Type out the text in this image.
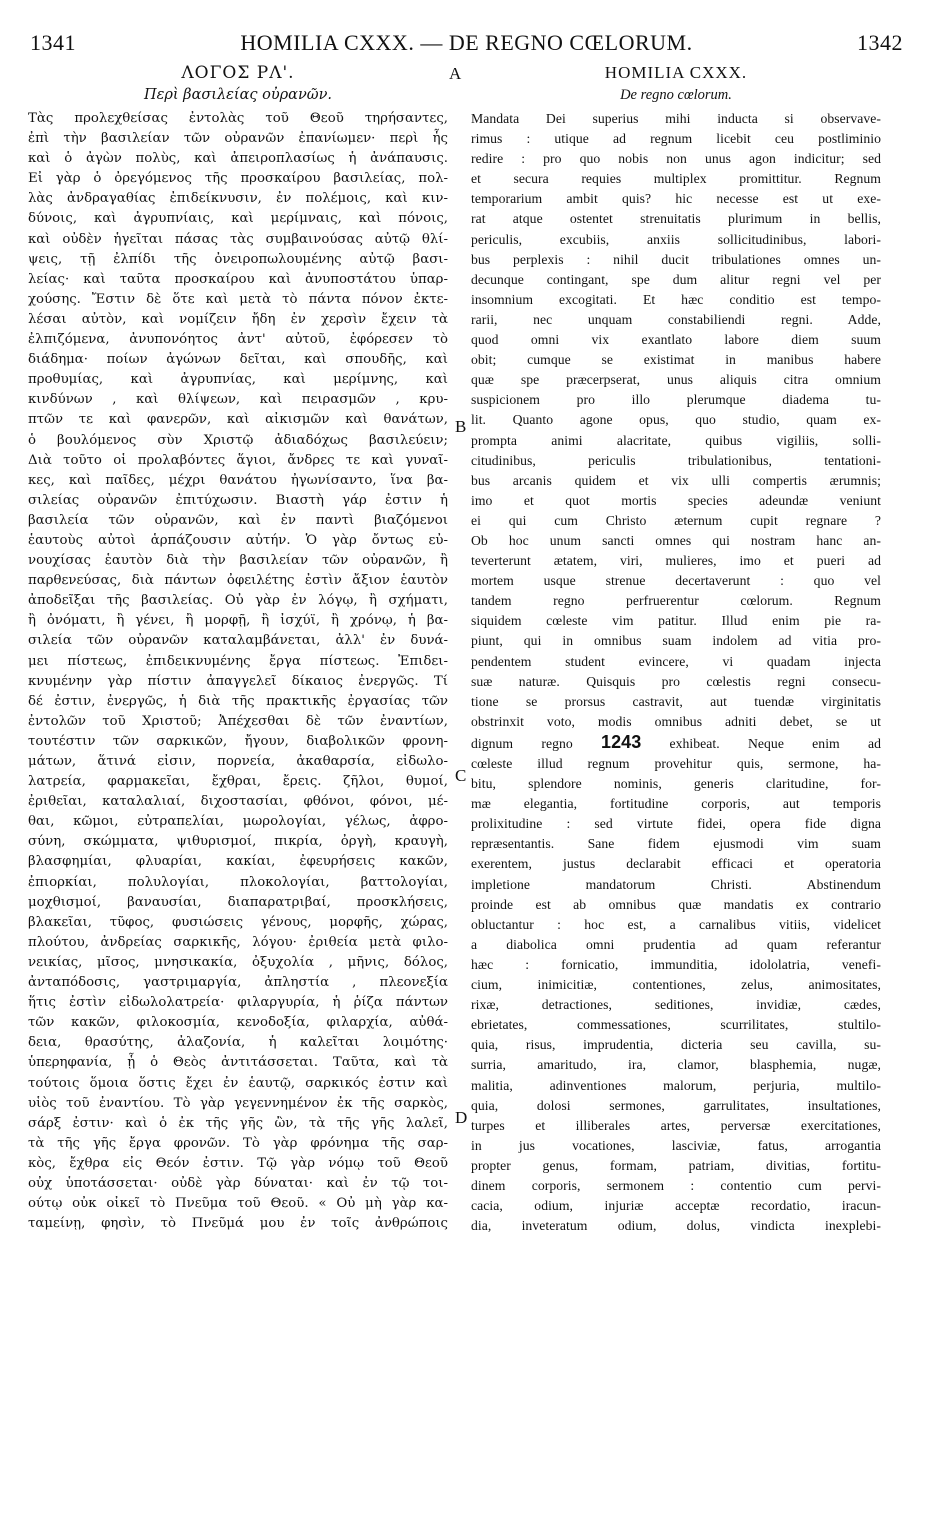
1341	HOMILIA CXXX. — DE REGNO CŒLORUM.	1342
A
B
C
D
ΛΟΓΟΣ ΡΛ'.
Περὶ βασιλείας οὐρανῶν.
Τὰς προλεχθείσας ἐντολὰς τοῦ Θεοῦ τηρήσαντες,
ἐπὶ τὴν βασιλείαν τῶν οὐρανῶν ἐπανίωμεν· περὶ ἧς
καὶ ὁ ἀγὼν πολὺς, καὶ ἀπειροπλασίως ἡ ἀνάπαυσις.
Εἰ γὰρ ὁ ὀρεγόμενος τῆς προσκαίρου βασιλείας, πολ-
λὰς ἀνδραγαθίας ἐπιδείκνυσιν, ἐν πολέμοις, καὶ κιν-
δύνοις, καὶ ἀγρυπνίαις, καὶ μερίμναις, καὶ πόνοις,
καὶ οὐδὲν ἡγεῖται πάσας τὰς συμβαινούσας αὐτῷ θλί-
ψεις, τῇ ἐλπίδι τῆς ὀνειροπωλουμένης αὐτῷ βασι-
λείας· καὶ ταῦτα προσκαίρου καὶ ἀνυποστάτου ὑπαρ-
χούσης. Ἔστιν δὲ ὅτε καὶ μετὰ τὸ πάντα πόνον ἐκτε-
λέσαι αὐτὸν, καὶ νομίζειν ἤδη ἐν χερσὶν ἔχειν τὰ
ἐλπιζόμενα, ἀνυπονόητος ἀντ' αὐτοῦ, ἐφόρεσεν τὸ
διάδημα· ποίων ἀγώνων δεῖται, καὶ σπουδῆς, καὶ
προθυμίας, καὶ ἀγρυπνίας, καὶ μερίμνης, καὶ
κινδύνων , καὶ θλίψεων, καὶ πειρασμῶν , κρυ-
πτῶν τε καὶ φανερῶν, καὶ αἰκισμῶν καὶ θανάτων,
ὁ βουλόμενος σὺν Χριστῷ ἀδιαδόχως βασιλεύειν;
Διὰ τοῦτο οἱ προλαβόντες ἅγιοι, ἄνδρες τε καὶ γυναῖ-
κες, καὶ παῖδες, μέχρι θανάτου ἠγωνίσαντο, ἵνα βα-
σιλείας οὐρανῶν ἐπιτύχωσιν. Βιαστὴ γάρ ἐστιν ἡ
βασιλεία τῶν οὐρανῶν, καὶ ἐν παντὶ βιαζόμενοι
ἑαυτοὺς αὐτοὶ ἁρπάζουσιν αὐτήν. Ὁ γὰρ ὄντως εὐ-
νουχίσας ἑαυτὸν διὰ τὴν βασιλείαν τῶν οὐρανῶν, ἢ
παρθενεύσας, διὰ πάντων ὀφειλέτης ἐστὶν ἄξιον ἑαυτὸν
ἀποδεῖξαι τῆς βασιλείας. Οὐ γὰρ ἐν λόγῳ, ἢ σχήματι,
ἢ ὀνόματι, ἢ γένει, ἢ μορφῇ, ἢ ἰσχύϊ, ἢ χρόνῳ, ἡ βα-
σιλεία τῶν οὐρανῶν καταλαμβάνεται, ἀλλ' ἐν δυνά-
μει πίστεως, ἐπιδεικνυμένης ἔργα πίστεως. Ἐπιδει-
κνυμένην γὰρ πίστιν ἀπαγγελεῖ δίκαιος ἐνεργῶς. Τί
δέ ἐστιν, ἐνεργῶς, ἡ διὰ τῆς πρακτικῆς ἐργασίας τῶν
ἐντολῶν τοῦ Χριστοῦ; Ἀπέχεσθαι δὲ τῶν ἐναντίων,
τουτέστιν τῶν σαρκικῶν, ἤγουν, διαβολικῶν φρονη-
μάτων, ἅτινά εἰσιν, πορνεία, ἀκαθαρσία, εἰδωλο-
λατρεία, φαρμακεῖαι, ἔχθραι, ἔρεις. ζῆλοι, θυμοί,
ἐριθεῖαι, καταλαλιαί, διχοστασίαι, φθόνοι, φόνοι, μέ-
θαι, κῶμοι, εὐτραπελίαι, μωρολογίαι, γέλως, ἀφρο-
σύνη, σκώμματα, ψιθυρισμοί, πικρία, ὀργὴ, κραυγὴ,
βλασφημίαι, φλυαρίαι, κακίαι, ἐφευρήσεις κακῶν,
ἐπιορκίαι, πολυλογίαι, πλοκολογίαι, βαττολογίαι,
μοχθισμοί, βαναυσίαι, διαπαρατριβαί, προσκλήσεις,
βλακεῖαι, τῦφος, φυσιώσεις γένους, μορφῆς, χώρας,
πλούτου, ἀνδρείας σαρκικῆς, λόγου· ἐριθεία μετὰ φιλο-
νεικίας, μῖσος, μνησικακία, ὀξυχολία , μῆνις, δόλος,
ἀνταπόδοσις, γαστριμαργία, ἀπληστία , πλεονεξία
ἥτις ἐστὶν εἰδωλολατρεία· φιλαργυρία, ἡ ῥίζα πάντων
τῶν κακῶν, φιλοκοσμία, κενοδοξία, φιλαρχία, αὐθά-
δεια, θρασύτης, ἀλαζονία, ἡ καλεῖται λοιμότης·
ὑπερηφανία, ᾗ ὁ Θεὸς ἀντιτάσσεται. Ταῦτα, καὶ τὰ
τούτοις ὅμοια ὅστις ἔχει ἐν ἑαυτῷ, σαρκικός ἐστιν καὶ
υἱὸς τοῦ ἐναντίου. Τὸ γὰρ γεγεννημένον ἐκ τῆς σαρκὸς,
σάρξ ἐστιν· καὶ ὁ ἐκ τῆς γῆς ὢν, τὰ τῆς γῆς λαλεῖ,
τὰ τῆς γῆς ἔργα φρονῶν. Τὸ γὰρ φρόνημα τῆς σαρ-
κὸς, ἔχθρα εἰς Θεόν ἐστιν. Τῷ γὰρ νόμῳ τοῦ Θεοῦ
οὐχ ὑποτάσσεται· οὐδὲ γὰρ δύναται· καὶ ἐν τῷ τοι-
ούτῳ οὐκ οἰκεῖ τὸ Πνεῦμα τοῦ Θεοῦ. « Οὐ μὴ γὰρ κα-
ταμείνῃ, φησὶν, τὸ Πνεῦμά μου ἐν τοῖς ἀνθρώποις
HOMILIA CXXX.
De regno cœlorum.
Mandata Dei superius mihi inducta si observave-
rimus : utique ad regnum licebit ceu postliminio
redire : pro quo nobis non unus agon indicitur; sed
et secura requies multiplex promittitur. Regnum
temporarium ambit quis? hic necesse est ut exe-
rat atque ostentet strenuitatis plurimum in bellis,
periculis, excubiis, anxiis sollicitudinibus, labori-
bus perplexis : nihil ducit tribulationes omnes un-
decunque contingant, spe dum alitur regni vel per
insomnium excogitati. Et hæc conditio est tempo-
rarii, nec unquam constabiliendi regni. Adde,
quod omni vix exantlato labore diem suum
obit; cumque se existimat in manibus habere
quæ spe præcerpserat, unus aliquis citra omnium
suspicionem pro illo plerumque diadema tu-
lit. Quanto agone opus, quo studio, quam ex-
prompta animi alacritate, quibus vigiliis, solli-
citudinibus, periculis tribulationibus, tentationi-
bus arcanis quidem et vix ulli compertis ærumnis;
imo et quot mortis species adeundæ veniunt
ei qui cum Christo æternum cupit regnare ?
Ob hoc unum sancti omnes qui nostram hanc an-
teverterunt ætatem, viri, mulieres, imo et pueri ad
mortem usque strenue decertaverunt : quo vel
tandem regno perfruerentur cœlorum. Regnum
siquidem cœleste vim patitur. Illud enim pie ra-
piunt, qui in omnibus suam indolem ad vitia pro-
pendentem student evincere, vi quadam injecta
suæ naturæ. Quisquis pro cœlestis regni consecu-
tione se prorsus castravit, aut tuendæ virginitatis
obstrinxit voto, modis omnibus adniti debet, se ut
dignum regno 1243 exhibeat. Neque enim ad
cœleste illud regnum provehitur quis, sermone, ha-
bitu, splendore nominis, generis claritudine, for-
mæ elegantia, fortitudine corporis, aut temporis
prolixitudine : sed virtute fidei, opera fide digna
repræsentantis. Sane fidem ejusmodi vim suam
exerentem, justus declarabit efficaci et operatoria
impletione mandatorum Christi. Abstinendum
proinde est ab omnibus quæ mandatis ex contrario
obluctantur : hoc est, a carnalibus vitiis, videlicet
a diabolica omni prudentia ad quam referantur
hæc : fornicatio, immunditia, idololatria, venefi-
cium, inimicitiæ, contentiones, zelus, animositates,
rixæ, detractiones, seditiones, invidiæ, cædes,
ebrietates, commessationes, scurrilitates, stultilo-
quia, risus, imprudentia, dicteria seu cavilla, su-
surria, amaritudo, ira, clamor, blasphemia, nugæ,
malitia, adinventiones malorum, perjuria, multilo-
quia, dolosi sermones, garrulitates, insultationes,
turpes et illiberales artes, perversæ exercitationes,
in jus vocationes, lasciviæ, fatus, arrogantia
propter genus, formam, patriam, divitias, fortitu-
dinem corporis, sermonem : contentio cum pervi-
cacia, odium, injuriæ acceptæ recordatio, iracun-
dia, inveteratum odium, dolus, vindicta inexplebi-
